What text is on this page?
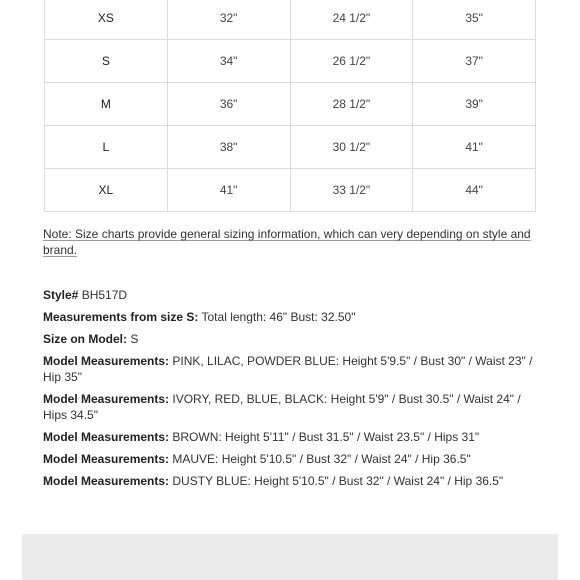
XS	32"	24 1/2"	35"
S	34"	26 1/2"	37"
M	36"	28 1/2"	39"
L	38"	30 1/2"	41"
XL	41"	33 1/2"	44"

Note: Size charts provide general sizing information, which can very depending on style and brand.

Style# BH517D

Measurements from size S: Total length: 46" Bust: 32.50"

Size on Model: S

Model Measurements: PINK, LILAC, POWDER BLUE: Height 5'9.5" / Bust 30" / Waist 23" / Hip 35"

Model Measurements: IVORY, RED, BLUE, BLACK: Height 5'9" / Bust 30.5" / Waist 24" / Hips 34.5"

Model Measurements: BROWN: Height 5'11" / Bust 31.5" / Waist 23.5" / Hips 31"

Model Measurements: MAUVE: Height 5'10.5" / Bust 32" / Waist 24" / Hip 36.5"

Model Measurements: DUSTY BLUE: Height 5'10.5" / Bust 32" / Waist 24" / Hip 36.5"
